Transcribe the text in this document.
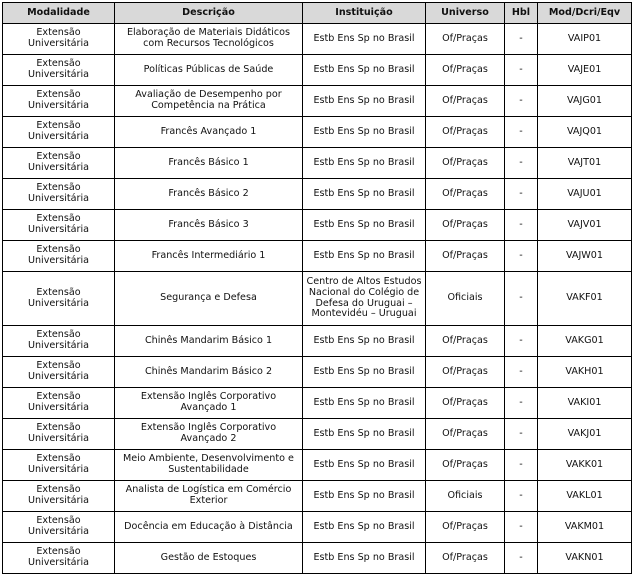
Modalidade	Descrição	Instituição	Universo	Hbl	Mod/Dcri/Eqv
Extensão Universitária	Elaboração de Materiais Didáticos com Recursos Tecnológicos	Estb Ens Sp no Brasil	Of/Praças	-	VAIP01
Extensão Universitária	Políticas Públicas de Saúde	Estb Ens Sp no Brasil	Of/Praças	-	VAJE01
Extensão Universitária	Avaliação de Desempenho por Competência na Prática	Estb Ens Sp no Brasil	Of/Praças	-	VAJG01
Extensão Universitária	Francês Avançado 1	Estb Ens Sp no Brasil	Of/Praças	-	VAJQ01
Extensão Universitária	Francês Básico 1	Estb Ens Sp no Brasil	Of/Praças	-	VAJT01
Extensão Universitária	Francês Básico 2	Estb Ens Sp no Brasil	Of/Praças	-	VAJU01
Extensão Universitária	Francês Básico 3	Estb Ens Sp no Brasil	Of/Praças	-	VAJV01
Extensão Universitária	Francês Intermediário 1	Estb Ens Sp no Brasil	Of/Praças	-	VAJW01
Extensão Universitária	Segurança e Defesa	Centro de Altos Estudos Nacional do Colégio de Defesa do Uruguai – Montevidéu – Uruguai	Oficiais	-	VAKF01
Extensão Universitária	Chinês Mandarim Básico 1	Estb Ens Sp no Brasil	Of/Praças	-	VAKG01
Extensão Universitária	Chinês Mandarim Básico 2	Estb Ens Sp no Brasil	Of/Praças	-	VAKH01
Extensão Universitária	Extensão Inglês Corporativo Avançado 1	Estb Ens Sp no Brasil	Of/Praças	-	VAKI01
Extensão Universitária	Extensão Inglês Corporativo Avançado 2	Estb Ens Sp no Brasil	Of/Praças	-	VAKJ01
Extensão Universitária	Meio Ambiente, Desenvolvimento e Sustentabilidade	Estb Ens Sp no Brasil	Of/Praças	-	VAKK01
Extensão Universitária	Analista de Logística em Comércio Exterior	Estb Ens Sp no Brasil	Oficiais	-	VAKL01
Extensão Universitária	Docência em Educação à Distância	Estb Ens Sp no Brasil	Of/Praças	-	VAKM01
Extensão Universitária	Gestão de Estoques	Estb Ens Sp no Brasil	Of/Praças	-	VAKN01
